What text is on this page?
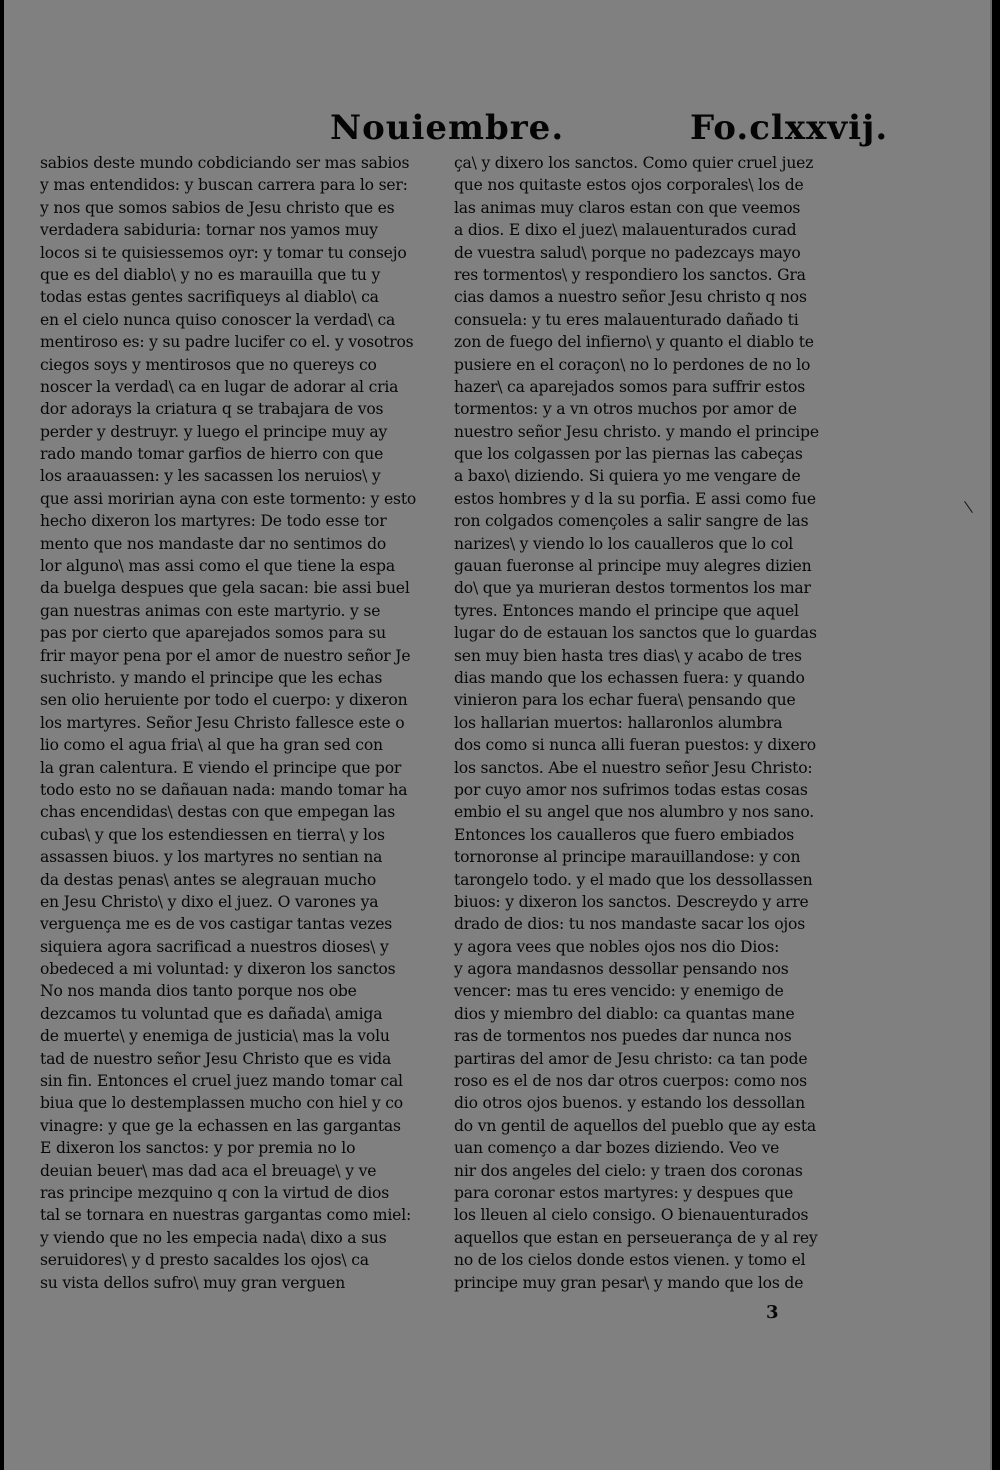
Nouiembre.	Fo.clxxvij.
sabios deste mundo cobdiciando ser mas sabios
y mas entendidos: y buscan carrera para lo ser:
y nos que somos sabios de Jesu christo que es
verdadera sabiduria: tornar nos yamos muy
locos si te quisiessemos oyr: y tomar tu consejo
que es del diablo\ y no es marauilla que tu y
todas estas gentes sacrifiqueys al diablo\ ca
en el cielo nunca quiso conoscer la verdad\ ca
mentiroso es: y su padre lucifer co el. y vosotros
ciegos soys y mentirosos que no quereys co
noscer la verdad\ ca en lugar de adorar al cria
dor adorays la criatura q se trabajara de vos
perder y destruyr. y luego el principe muy ay
rado mando tomar garfios de hierro con que
los araauassen: y les sacassen los neruios\ y
que assi moririan ayna con este tormento: y esto
hecho dixeron los martyres: De todo esse tor
mento que nos mandaste dar no sentimos do
lor alguno\ mas assi como el que tiene la espa
da buelga despues que gela sacan: bie assi buel
gan nuestras animas con este martyrio. y se
pas por cierto que aparejados somos para su
frir mayor pena por el amor de nuestro señor Je
suchristo. y mando el principe que les echas
sen olio heruiente por todo el cuerpo: y dixeron
los martyres. Señor Jesu Christo fallesce este o
lio como el agua fria\ al que ha gran sed con
la gran calentura. E viendo el principe que por
todo esto no se dañauan nada: mando tomar ha
chas encendidas\ destas con que empegan las
cubas\ y que los estendiessen en tierra\ y los
assassen biuos. y los martyres no sentian na
da destas penas\ antes se alegrauan mucho
en Jesu Christo\ y dixo el juez. O varones ya
verguença me es de vos castigar tantas vezes
siquiera agora sacrificad a nuestros dioses\ y
obedeced a mi voluntad: y dixeron los sanctos
No nos manda dios tanto porque nos obe
dezcamos tu voluntad que es dañada\ amiga
de muerte\ y enemiga de justicia\ mas la volu
tad de nuestro señor Jesu Christo que es vida
sin fin. Entonces el cruel juez mando tomar cal
biua que lo destemplassen mucho con hiel y co
vinagre: y que ge la echassen en las gargantas
E dixeron los sanctos: y por premia no lo
deuian beuer\ mas dad aca el breuage\ y ve
ras principe mezquino q con la virtud de dios
tal se tornara en nuestras gargantas como miel:
y viendo que no les empecia nada\ dixo a sus
seruidores\ y d presto sacaldes los ojos\ ca
su vista dellos sufro\ muy gran verguen
ça\ y dixero los sanctos. Como quier cruel juez
que nos quitaste estos ojos corporales\ los de
las animas muy claros estan con que veemos
a dios. E dixo el juez\ malauenturados curad
de vuestra salud\ porque no padezcays mayo
res tormentos\ y respondiero los sanctos. Gra
cias damos a nuestro señor Jesu christo q nos
consuela: y tu eres malauenturado dañado ti
zon de fuego del infierno\ y quanto el diablo te
pusiere en el coraçon\ no lo perdones de no lo
hazer\ ca aparejados somos para suffrir estos
tormentos: y a vn otros muchos por amor de
nuestro señor Jesu christo. y mando el principe
que los colgassen por las piernas las cabeças
a baxo\ diziendo. Si quiera yo me vengare de
estos hombres y d la su porfia. E assi como fue
ron colgados començoles a salir sangre de las
narizes\ y viendo lo los caualleros que lo col
gauan fueronse al principe muy alegres dizien
do\ que ya murieran destos tormentos los mar
tyres. Entonces mando el principe que aquel
lugar do de estauan los sanctos que lo guardas
sen muy bien hasta tres dias\ y acabo de tres
dias mando que los echassen fuera: y quando
vinieron para los echar fuera\ pensando que
los hallarian muertos: hallaronlos alumbra
dos como si nunca alli fueran puestos: y dixero
los sanctos. Abe el nuestro señor Jesu Christo:
por cuyo amor nos sufrimos todas estas cosas
embio el su angel que nos alumbro y nos sano.
Entonces los caualleros que fuero embiados
tornoronse al principe marauillandose: y con
tarongelo todo. y el mado que los dessollassen
biuos: y dixeron los sanctos. Descreydo y arre
drado de dios: tu nos mandaste sacar los ojos
y agora vees que nobles ojos nos dio Dios:
y agora mandasnos dessollar pensando nos
vencer: mas tu eres vencido: y enemigo de
dios y miembro del diablo: ca quantas mane
ras de tormentos nos puedes dar nunca nos
partiras del amor de Jesu christo: ca tan pode
roso es el de nos dar otros cuerpos: como nos
dio otros ojos buenos. y estando los dessollan
do vn gentil de aquellos del pueblo que ay esta
uan començo a dar bozes diziendo. Veo ve
nir dos angeles del cielo: y traen dos coronas
para coronar estos martyres: y despues que
los lleuen al cielo consigo. O bienauenturados
aquellos que estan en perseuerança de y al rey
no de los cielos donde estos vienen. y tomo el
principe muy gran pesar\ y mando que los de
3
